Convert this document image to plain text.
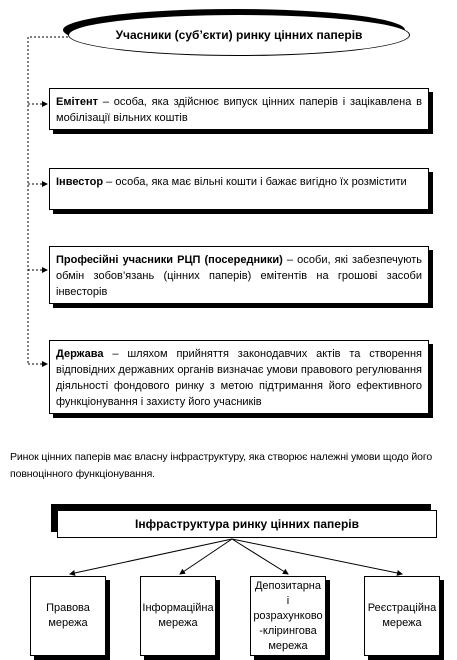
Учасники (суб’єкти) ринку цінних паперів
Емітент – особа, яка здійснює випуск цінних паперів і зацікавлена в мобілізації вільних коштів
Інвестор – особа, яка має вільні кошти і бажає вигідно їх розмістити
Професійні учасники РЦП (посередники) – особи, які забезпечують обмін зобов’язань (цінних паперів) емітентів на грошові засоби інвесторів
Держава – шляхом прийняття законодавчих актів та створення відповідних державних органів визначає умови правового регулювання діяльності фондового ринку з метою підтримання його ефективного функціонування і захисту його учасників
Ринок цінних паперів має власну інфраструктуру, яка створює належні умови щодо його повноцінного функціонування.
Інфраструктура ринку цінних паперів
Правова
мережа
Інформаційна
мережа
Депозитарна
і
розрахунково
-клірингова
мережа
Реєстраційна
мережа
